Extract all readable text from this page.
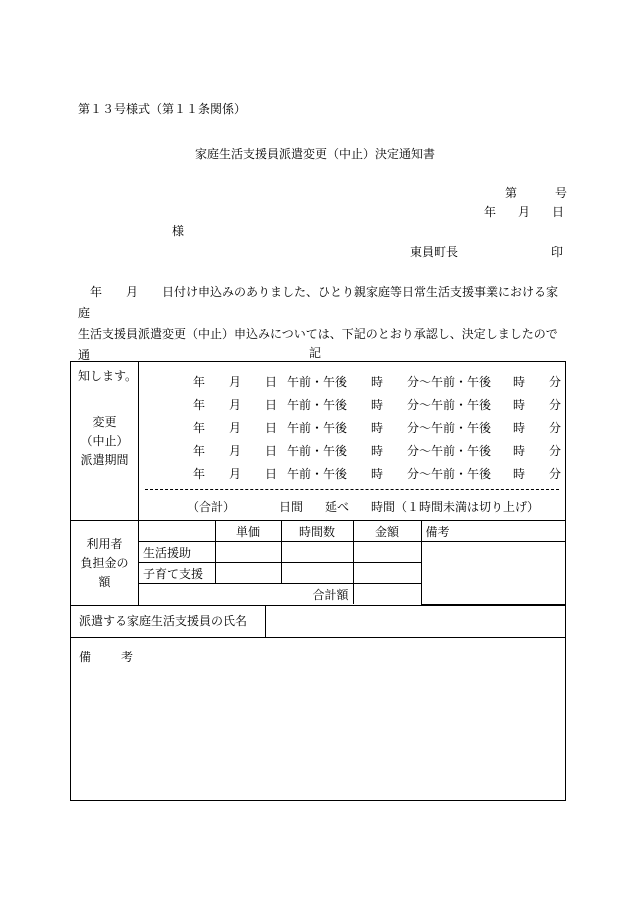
第１３号様式（第１１条関係）
家庭生活支援員派遣変更（中止）決定通知書
第	号
年 月 日
様
東員町長	印

　年　　月　　日付け申込みのありました、ひとり親家庭等日常生活支援事業における家庭

生活支援員派遣変更（中止）申込みについては、下記のとおり承認し、決定しましたので通

知します。

記
変更
（中止）
派遣期間

年 月 日 午前・午後 時 分～午前・午後 時 分
年 月 日 午前・午後 時 分～午前・午後 時 分
年 月 日 午前・午後 時 分～午前・午後 時 分
年 月 日 午前・午後 時 分～午前・午後 時 分
年 月 日 午前・午後 時 分～午前・午後 時 分
（合計）	日間 延べ 時間（１時間未満は切り上げ）

利用者
負担金の
額

	単価	時間数	金額	備考
生活援助				
子育て支援			
合計額	

派遣する家庭生活支援員の氏名

備	考
